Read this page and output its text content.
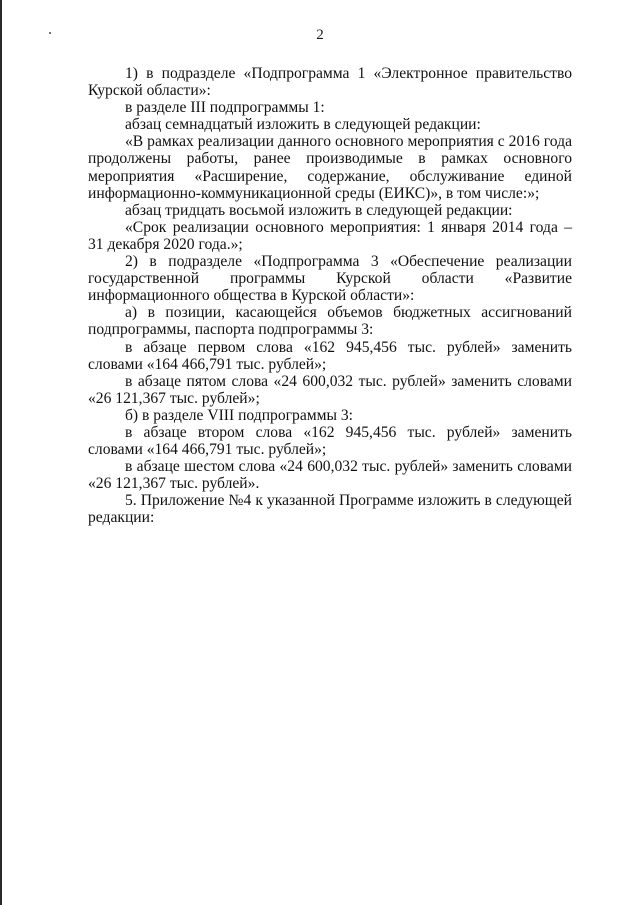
2

1) в подразделе «Подпрограмма 1 «Электронное правительство Курской области»:

в разделе III подпрограммы 1:

абзац семнадцатый изложить в следующей редакции:

«В рамках реализации данного основного мероприятия с 2016 года продолжены работы, ранее производимые в рамках основного мероприятия «Расширение, содержание, обслуживание единой информационно-коммуникационной среды (ЕИКС)», в том числе:»;

абзац тридцать восьмой изложить в следующей редакции:

«Срок реализации основного мероприятия: 1 января 2014 года – 31 декабря 2020 года.»;

2) в подразделе «Подпрограмма 3 «Обеспечение реализации государственной программы Курской области «Развитие информационного общества в Курской области»:

а) в позиции, касающейся объемов бюджетных ассигнований подпрограммы, паспорта подпрограммы 3:

в абзаце первом слова «162 945,456 тыс. рублей» заменить словами «164 466,791 тыс. рублей»;

в абзаце пятом слова «24 600,032 тыс. рублей» заменить словами «26 121,367 тыс. рублей»;

б) в разделе VIII подпрограммы 3:

в абзаце втором слова «162 945,456 тыс. рублей» заменить словами «164 466,791 тыс. рублей»;

в абзаце шестом слова «24 600,032 тыс. рублей» заменить словами «26 121,367 тыс. рублей».

5. Приложение №4 к указанной Программе изложить в следующей редакции:
